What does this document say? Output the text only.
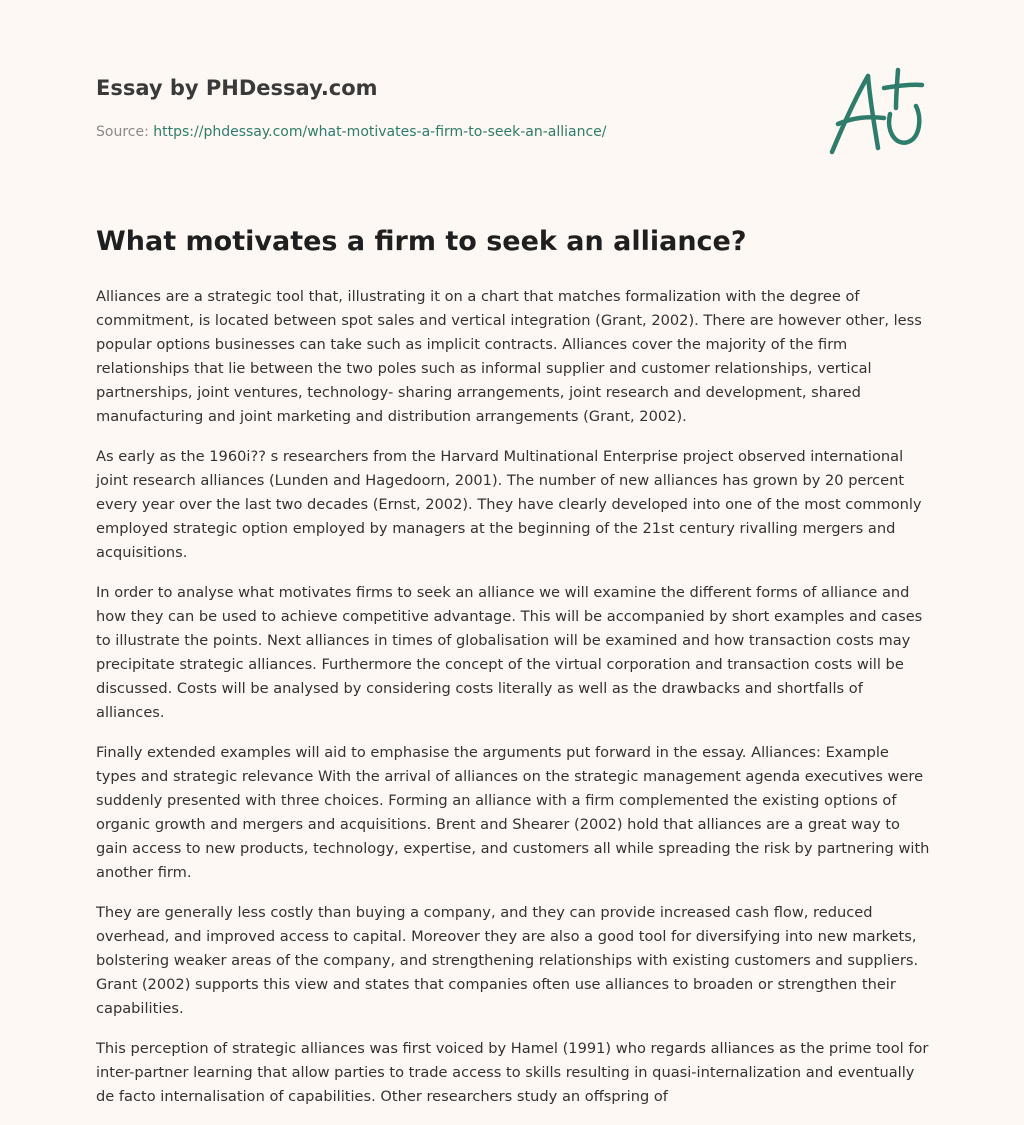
Essay by PHDessay.com
Source: https://phdessay.com/what-motivates-a-firm-to-seek-an-alliance/
What motivates a firm to seek an alliance?

Alliances are a strategic tool that, illustrating it on a chart that matches formalization with the degree of commitment, is located between spot sales and vertical integration (Grant, 2002). There are however other, less popular options businesses can take such as implicit contracts. Alliances cover the majority of the firm relationships that lie between the two poles such as informal supplier and customer relationships, vertical partnerships, joint ventures, technology- sharing arrangements, joint research and development, shared manufacturing and joint marketing and distribution arrangements (Grant, 2002).

As early as the 1960i?? s researchers from the Harvard Multinational Enterprise project observed international joint research alliances (Lunden and Hagedoorn, 2001). The number of new alliances has grown by 20 percent every year over the last two decades (Ernst, 2002). They have clearly developed into one of the most commonly employed strategic option employed by managers at the beginning of the 21st century rivalling mergers and acquisitions.

In order to analyse what motivates firms to seek an alliance we will examine the different forms of alliance and how they can be used to achieve competitive advantage. This will be accompanied by short examples and cases to illustrate the points. Next alliances in times of globalisation will be examined and how transaction costs may precipitate strategic alliances. Furthermore the concept of the virtual corporation and transaction costs will be discussed. Costs will be analysed by considering costs literally as well as the drawbacks and shortfalls of alliances.

Finally extended examples will aid to emphasise the arguments put forward in the essay. Alliances: Example types and strategic relevance With the arrival of alliances on the strategic management agenda executives were suddenly presented with three choices. Forming an alliance with a firm complemented the existing options of organic growth and mergers and acquisitions. Brent and Shearer (2002) hold that alliances are a great way to gain access to new products, technology, expertise, and customers all while spreading the risk by partnering with another firm.

They are generally less costly than buying a company, and they can provide increased cash flow, reduced overhead, and improved access to capital. Moreover they are also a good tool for diversifying into new markets, bolstering weaker areas of the company, and strengthening relationships with existing customers and suppliers. Grant (2002) supports this view and states that companies often use alliances to broaden or strengthen their capabilities.

This perception of strategic alliances was first voiced by Hamel (1991) who regards alliances as the prime tool for inter-partner learning that allow parties to trade access to skills resulting in quasi-internalization and eventually de facto internalisation of capabilities. Other researchers study an offspring of
